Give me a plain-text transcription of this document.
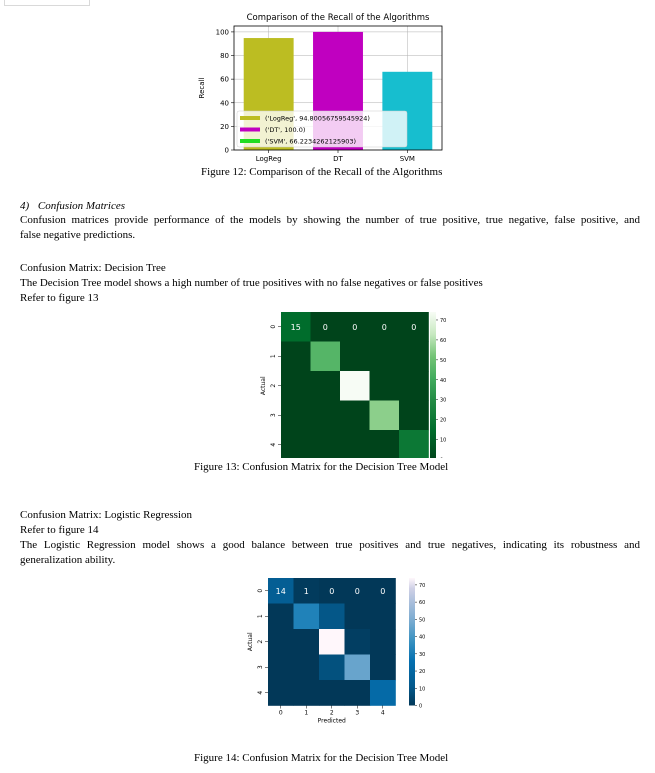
Comparison of the Recall of the Algorithms
Recall
0
20
40
60
80
100
LogReg	DT	SVM
('LogReg', 94.80056759545924)
('DT', 100.0)
('SVM', 66.2234262125903)
Figure 12: Comparison of the Recall of the Algorithms
4) Confusion Matrices
Confusion matrices provide performance of the models by showing the number of true positive, true negative, false positive, and
false negative predictions.
Confusion Matrix: Decision Tree
The Decision Tree model shows a high number of true positives with no false negatives or false positives
Refer to figure 13
15	0	0	0	0
0
1
2
3
4
Actual
10
20
30
40
50
60
70
Figure 13: Confusion Matrix for the Decision Tree Model
Confusion Matrix: Logistic Regression
Refer to figure 14
The Logistic Regression model shows a good balance between true positives and true negatives, indicating its robustness and
generalization ability.
14 1	0	0	0
0
1
2
3
4
0	1	2	3	4
Predicted
Actual
0
10
20
30
40
50
60
70
Figure 14: Confusion Matrix for the Decision Tree Model
